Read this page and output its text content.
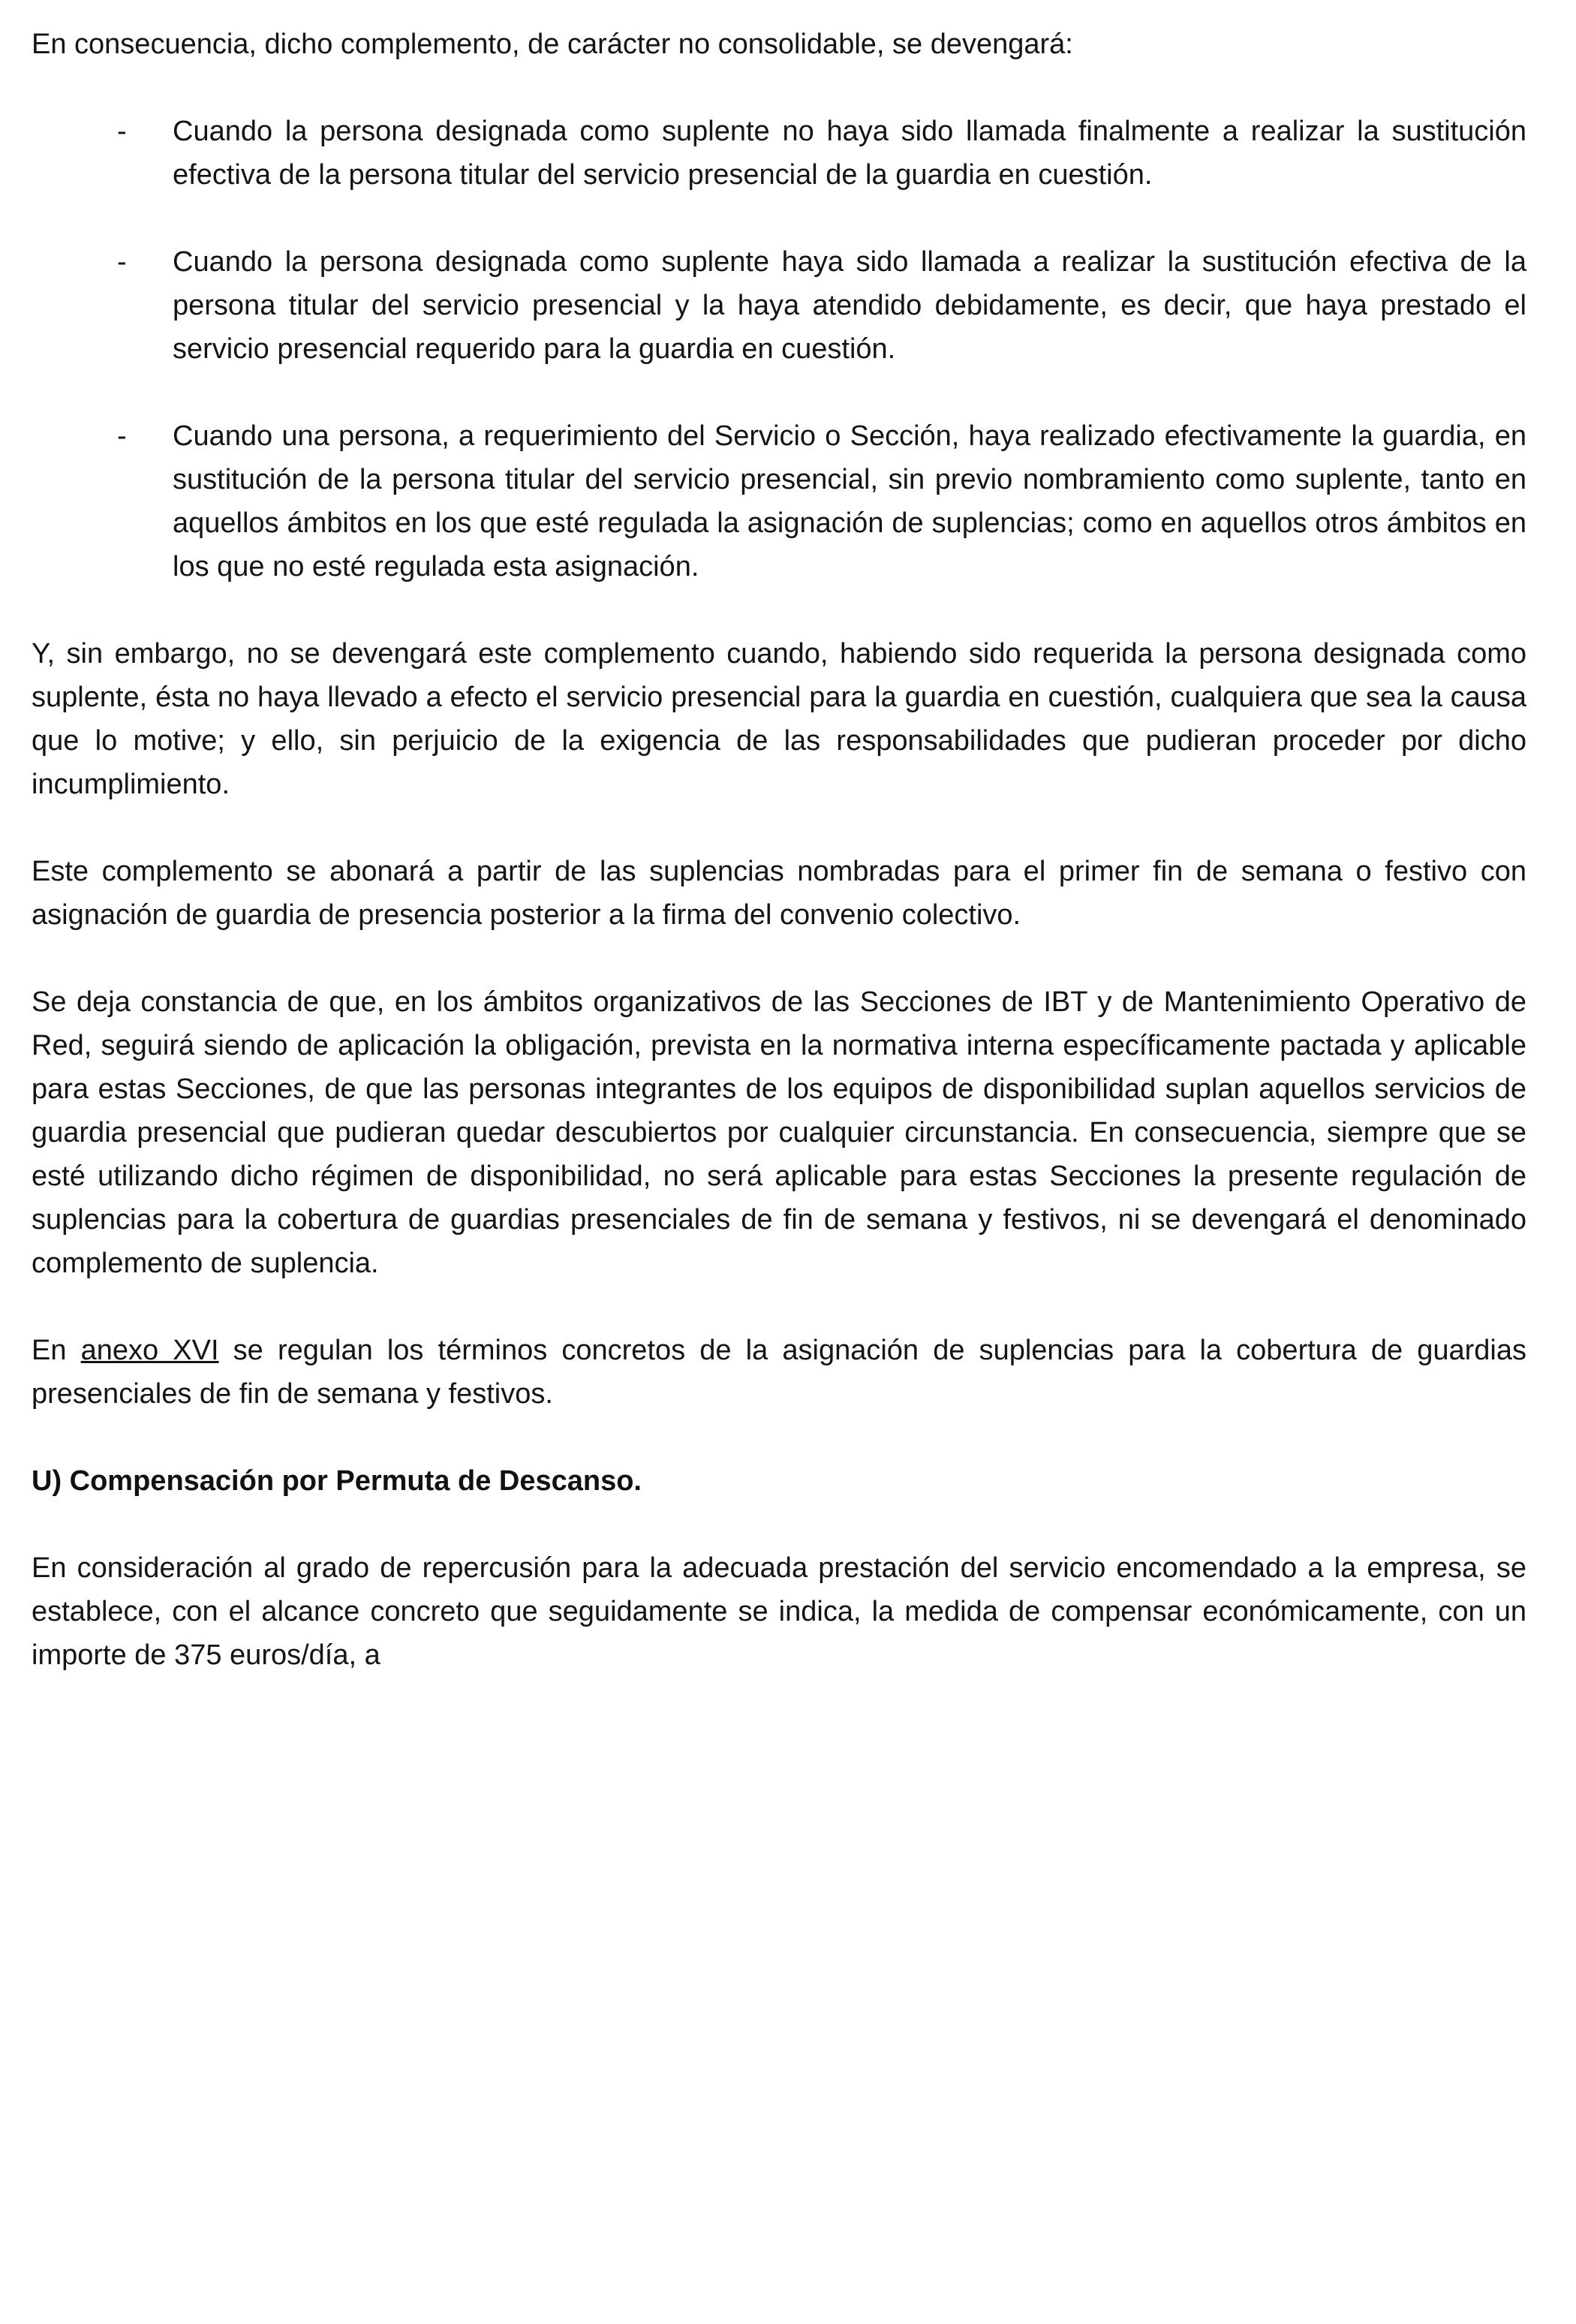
En consecuencia, dicho complemento, de carácter no consolidable, se devengará:

- Cuando la persona designada como suplente no haya sido llamada finalmente a realizar la sustitución efectiva de la persona titular del servicio presencial de la guardia en cuestión.
- Cuando la persona designada como suplente haya sido llamada a realizar la sustitución efectiva de la persona titular del servicio presencial y la haya atendido debidamente, es decir, que haya prestado el servicio presencial requerido para la guardia en cuestión.
- Cuando una persona, a requerimiento del Servicio o Sección, haya realizado efectivamente la guardia, en sustitución de la persona titular del servicio presencial, sin previo nombramiento como suplente, tanto en aquellos ámbitos en los que esté regulada la asignación de suplencias; como en aquellos otros ámbitos en los que no esté regulada esta asignación.

Y, sin embargo, no se devengará este complemento cuando, habiendo sido requerida la persona designada como suplente, ésta no haya llevado a efecto el servicio presencial para la guardia en cuestión, cualquiera que sea la causa que lo motive; y ello, sin perjuicio de la exigencia de las responsabilidades que pudieran proceder por dicho incumplimiento.

Este complemento se abonará a partir de las suplencias nombradas para el primer fin de semana o festivo con asignación de guardia de presencia posterior a la firma del convenio colectivo.

Se deja constancia de que, en los ámbitos organizativos de las Secciones de IBT y de Mantenimiento Operativo de Red, seguirá siendo de aplicación la obligación, prevista en la normativa interna específicamente pactada y aplicable para estas Secciones, de que las personas integrantes de los equipos de disponibilidad suplan aquellos servicios de guardia presencial que pudieran quedar descubiertos por cualquier circunstancia. En consecuencia, siempre que se esté utilizando dicho régimen de disponibilidad, no será aplicable para estas Secciones la presente regulación de suplencias para la cobertura de guardias presenciales de fin de semana y festivos, ni se devengará el denominado complemento de suplencia.

En anexo XVI se regulan los términos concretos de la asignación de suplencias para la cobertura de guardias presenciales de fin de semana y festivos.

U) Compensación por Permuta de Descanso.

En consideración al grado de repercusión para la adecuada prestación del servicio encomendado a la empresa, se establece, con el alcance concreto que seguidamente se indica, la medida de compensar económicamente, con un importe de 375 euros/día, a
